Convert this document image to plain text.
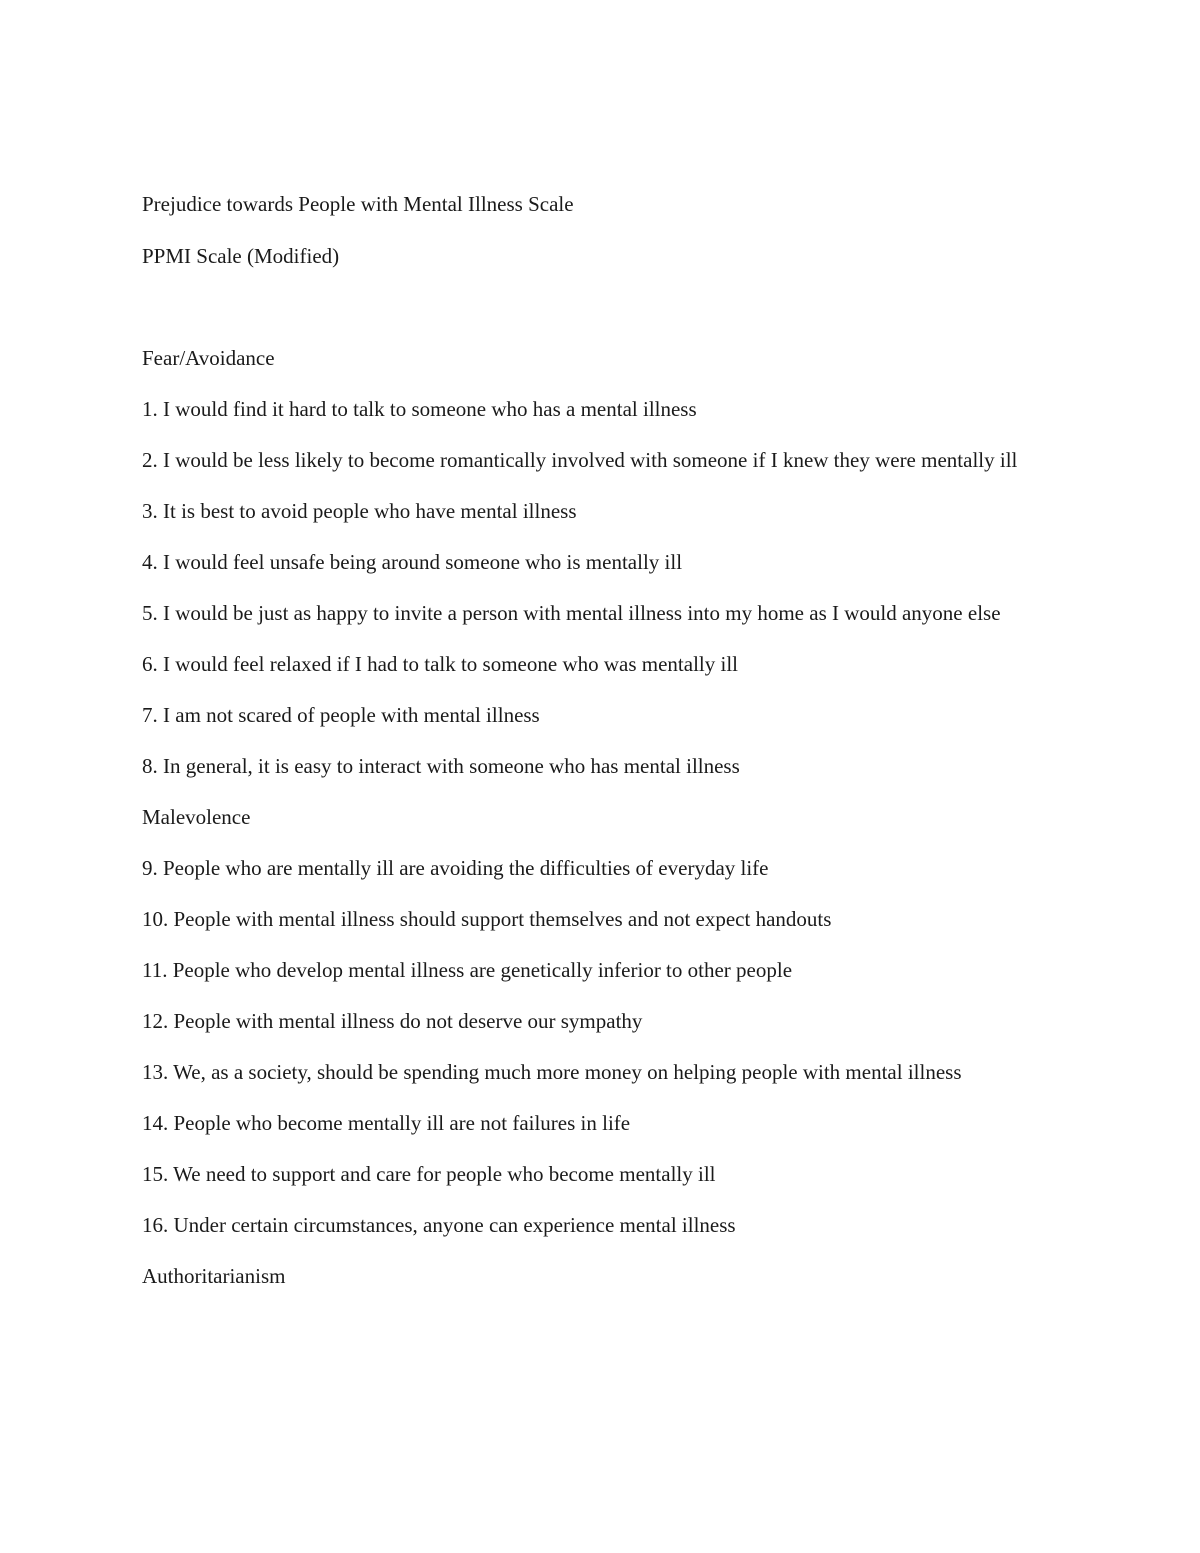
Prejudice towards People with Mental Illness Scale

PPMI Scale (Modified)

Fear/Avoidance

1. I would find it hard to talk to someone who has a mental illness

2. I would be less likely to become romantically involved with someone if I knew they were mentally ill

3. It is best to avoid people who have mental illness

4. I would feel unsafe being around someone who is mentally ill

5. I would be just as happy to invite a person with mental illness into my home as I would anyone else

6. I would feel relaxed if I had to talk to someone who was mentally ill

7. I am not scared of people with mental illness

8. In general, it is easy to interact with someone who has mental illness

Malevolence

9. People who are mentally ill are avoiding the difficulties of everyday life

10. People with mental illness should support themselves and not expect handouts

11. People who develop mental illness are genetically inferior to other people

12. People with mental illness do not deserve our sympathy

13. We, as a society, should be spending much more money on helping people with mental illness

14. People who become mentally ill are not failures in life

15. We need to support and care for people who become mentally ill

16. Under certain circumstances, anyone can experience mental illness

Authoritarianism
